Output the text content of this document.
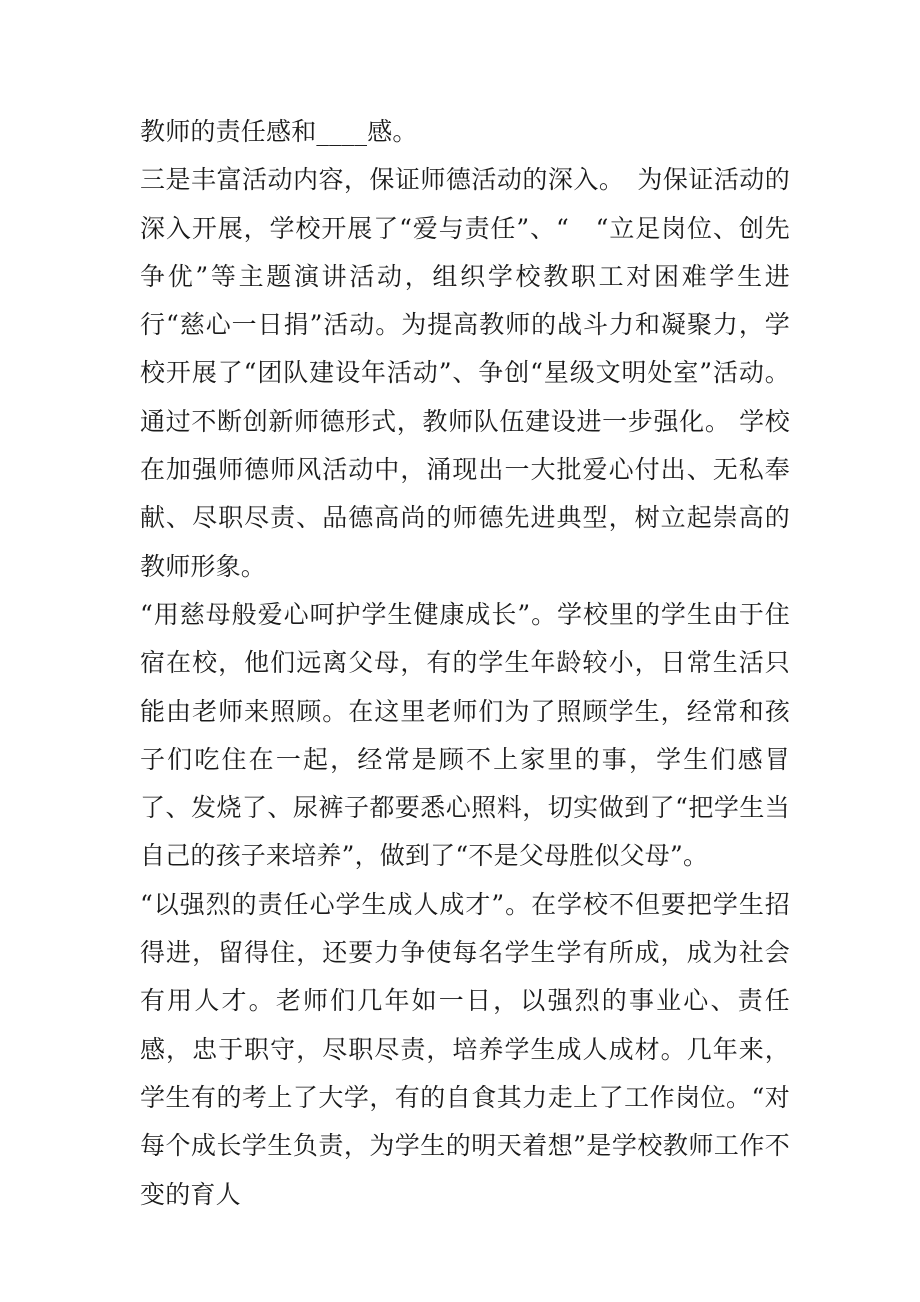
教师的责任感和____感。

三是丰富活动内容，保证师德活动的深入。　为保证活动的深入开展，学校开展了“爱与责任”、“　“立足岗位、创先争优”等主题演讲活动，组织学校教职工对困难学生进行“慈心一日捐”活动。为提高教师的战斗力和凝聚力，学校开展了“团队建设年活动”、争创“星级文明处室”活动。通过不断创新师德形式，教师队伍建设进一步强化。 学校在加强师德师风活动中，涌现出一大批爱心付出、无私奉献、尽职尽责、品德高尚的师德先进典型，树立起崇高的教师形象。

“用慈母般爱心呵护学生健康成长”。学校里的学生由于住宿在校，他们远离父母，有的学生年龄较小，日常生活只能由老师来照顾。在这里老师们为了照顾学生，经常和孩子们吃住在一起，经常是顾不上家里的事，学生们感冒了、发烧了、尿裤子都要悉心照料，切实做到了“把学生当自己的孩子来培养”，做到了“不是父母胜似父母”。

“以强烈的责任心学生成人成才”。在学校不但要把学生招得进，留得住，还要力争使每名学生学有所成，成为社会有用人才。老师们几年如一日，以强烈的事业心、责任感，忠于职守，尽职尽责，培养学生成人成材。几年来，学生有的考上了大学，有的自食其力走上了工作岗位。“对每个成长学生负责，为学生的明天着想”是学校教师工作不变的育人
